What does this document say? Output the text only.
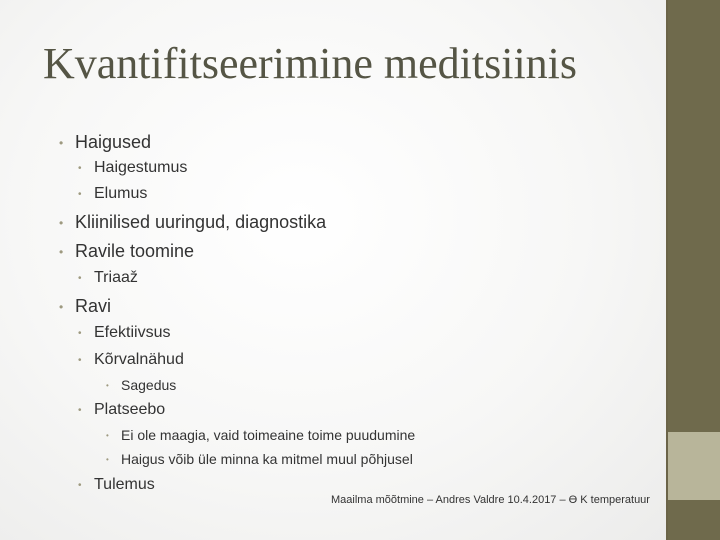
Kvantifitseerimine meditsiinis
• Haigused
• Haigestumus
• Elumus
• Kliinilised uuringud, diagnostika
• Ravile toomine
• Triaaž
• Ravi
• Efektiivsus
• Kõrvalnähud
• Sagedus
• Platseebo
• Ei ole maagia, vaid toimeaine toime puudumine
• Haigus võib üle minna ka mitmel muul põhjusel
• Tulemus
Maailma mõõtmine – Andres Valdre 10.4.2017 – Ɵ K temperatuur
